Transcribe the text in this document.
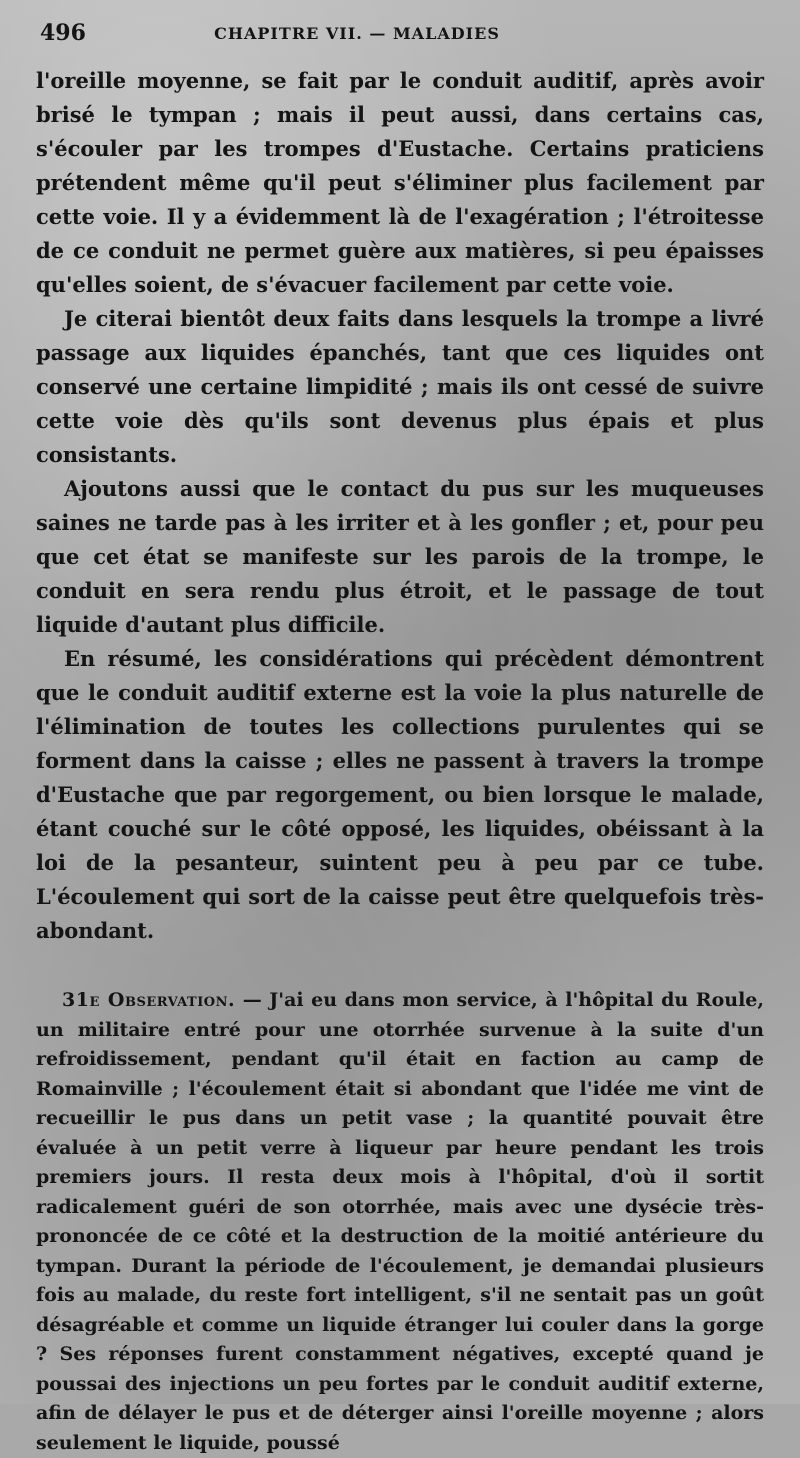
496	CHAPITRE VII. — MALADIES

l'oreille moyenne, se fait par le conduit auditif, après avoir brisé le tympan ; mais il peut aussi, dans certains cas, s'écouler par les trompes d'Eustache. Certains praticiens prétendent même qu'il peut s'éliminer plus facilement par cette voie. Il y a évidemment là de l'exagération ; l'étroitesse de ce conduit ne permet guère aux matières, si peu épaisses qu'elles soient, de s'évacuer facilement par cette voie.

Je citerai bientôt deux faits dans lesquels la trompe a livré passage aux liquides épanchés, tant que ces liquides ont conservé une certaine limpidité ; mais ils ont cessé de suivre cette voie dès qu'ils sont devenus plus épais et plus consistants.

Ajoutons aussi que le contact du pus sur les muqueuses saines ne tarde pas à les irriter et à les gonfler ; et, pour peu que cet état se manifeste sur les parois de la trompe, le conduit en sera rendu plus étroit, et le passage de tout liquide d'autant plus difficile.

En résumé, les considérations qui précèdent démontrent que le conduit auditif externe est la voie la plus naturelle de l'élimination de toutes les collections purulentes qui se forment dans la caisse ; elles ne passent à travers la trompe d'Eustache que par regorgement, ou bien lorsque le malade, étant couché sur le côté opposé, les liquides, obéissant à la loi de la pesanteur, suintent peu à peu par ce tube. L'écoulement qui sort de la caisse peut être quelquefois très-abondant.

31e Observation. — J'ai eu dans mon service, à l'hôpital du Roule, un militaire entré pour une otorrhée survenue à la suite d'un refroidissement, pendant qu'il était en faction au camp de Romainville ; l'écoulement était si abondant que l'idée me vint de recueillir le pus dans un petit vase ; la quantité pouvait être évaluée à un petit verre à liqueur par heure pendant les trois premiers jours. Il resta deux mois à l'hôpital, d'où il sortit radicalement guéri de son otorrhée, mais avec une dysécie très-prononcée de ce côté et la destruction de la moitié antérieure du tympan. Durant la période de l'écoulement, je demandai plusieurs fois au malade, du reste fort intelligent, s'il ne sentait pas un goût désagréable et comme un liquide étranger lui couler dans la gorge ? Ses réponses furent constamment négatives, excepté quand je poussai des injections un peu fortes par le conduit auditif externe, afin de délayer le pus et de déterger ainsi l'oreille moyenne ; alors seulement le liquide, poussé
